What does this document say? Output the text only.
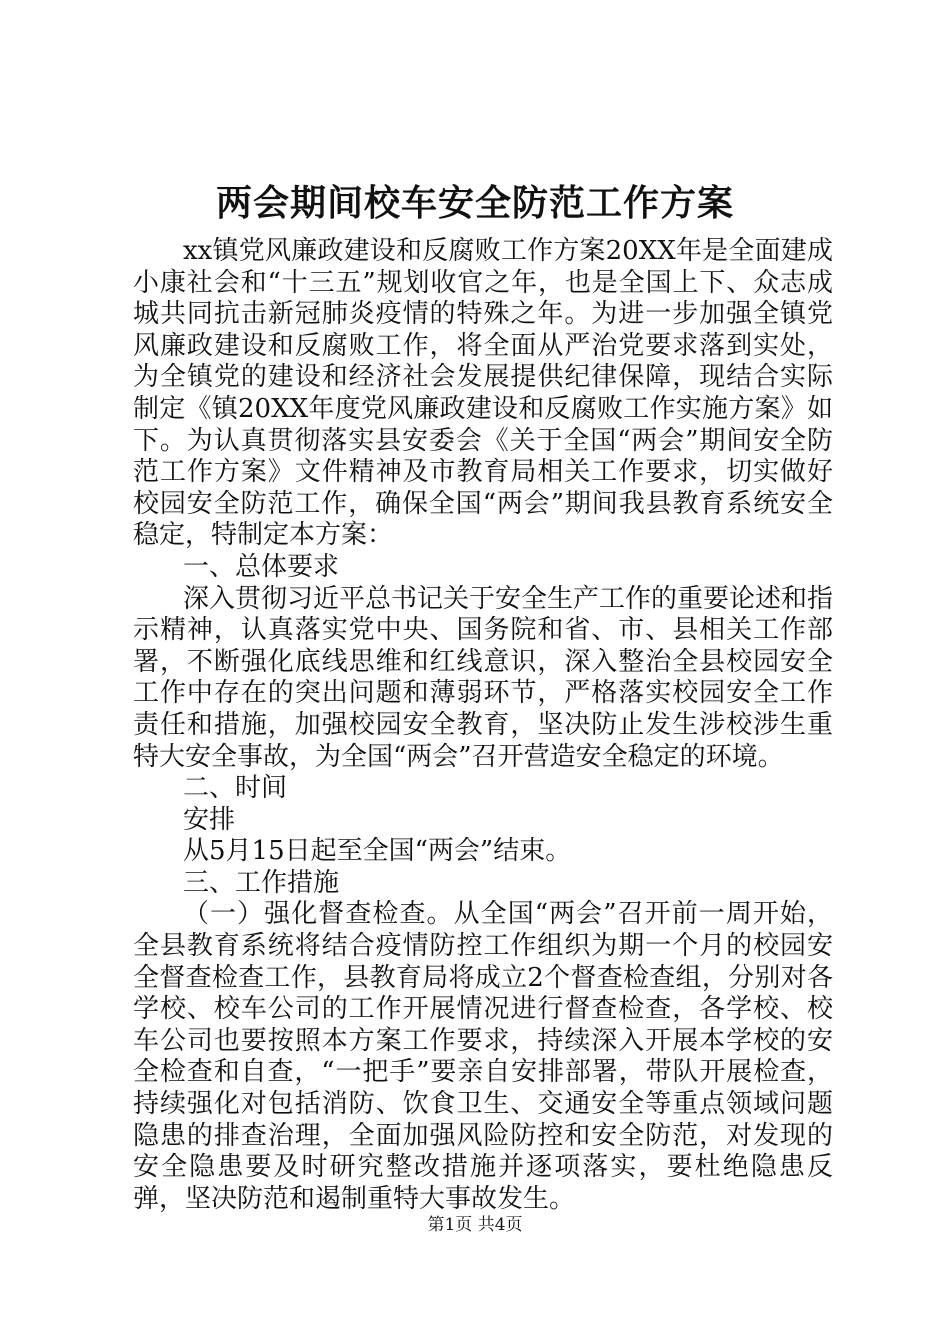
两会期间校车安全防范工作方案

xx镇党风廉政建设和反腐败工作方案20XX年是全面建成小康社会和“十三五”规划收官之年，也是全国上下、众志成城共同抗击新冠肺炎疫情的特殊之年。为进一步加强全镇党风廉政建设和反腐败工作，将全面从严治党要求落到实处，为全镇党的建设和经济社会发展提供纪律保障，现结合实际制定《镇20XX年度党风廉政建设和反腐败工作实施方案》如下。为认真贯彻落实县安委会《关于全国“两会”期间安全防范工作方案》文件精神及市教育局相关工作要求，切实做好校园安全防范工作，确保全国“两会”期间我县教育系统安全稳定，特制定本方案：

一、总体要求

深入贯彻习近平总书记关于安全生产工作的重要论述和指示精神，认真落实党中央、国务院和省、市、县相关工作部署，不断强化底线思维和红线意识，深入整治全县校园安全工作中存在的突出问题和薄弱环节，严格落实校园安全工作责任和措施，加强校园安全教育，坚决防止发生涉校涉生重特大安全事故，为全国“两会”召开营造安全稳定的环境。

二、时间

安排

从5月15日起至全国“两会”结束。

三、工作措施

（一）强化督查检查。从全国“两会”召开前一周开始，全县教育系统将结合疫情防控工作组织为期一个月的校园安全督查检查工作，县教育局将成立2个督查检查组，分别对各学校、校车公司的工作开展情况进行督查检查，各学校、校车公司也要按照本方案工作要求，持续深入开展本学校的安全检查和自查，“一把手”要亲自安排部署，带队开展检查，持续强化对包括消防、饮食卫生、交通安全等重点领域问题隐患的排查治理，全面加强风险防控和安全防范，对发现的安全隐患要及时研究整改措施并逐项落实，要杜绝隐患反弹，坚决防范和遏制重特大事故发生。

第1页 共4页
